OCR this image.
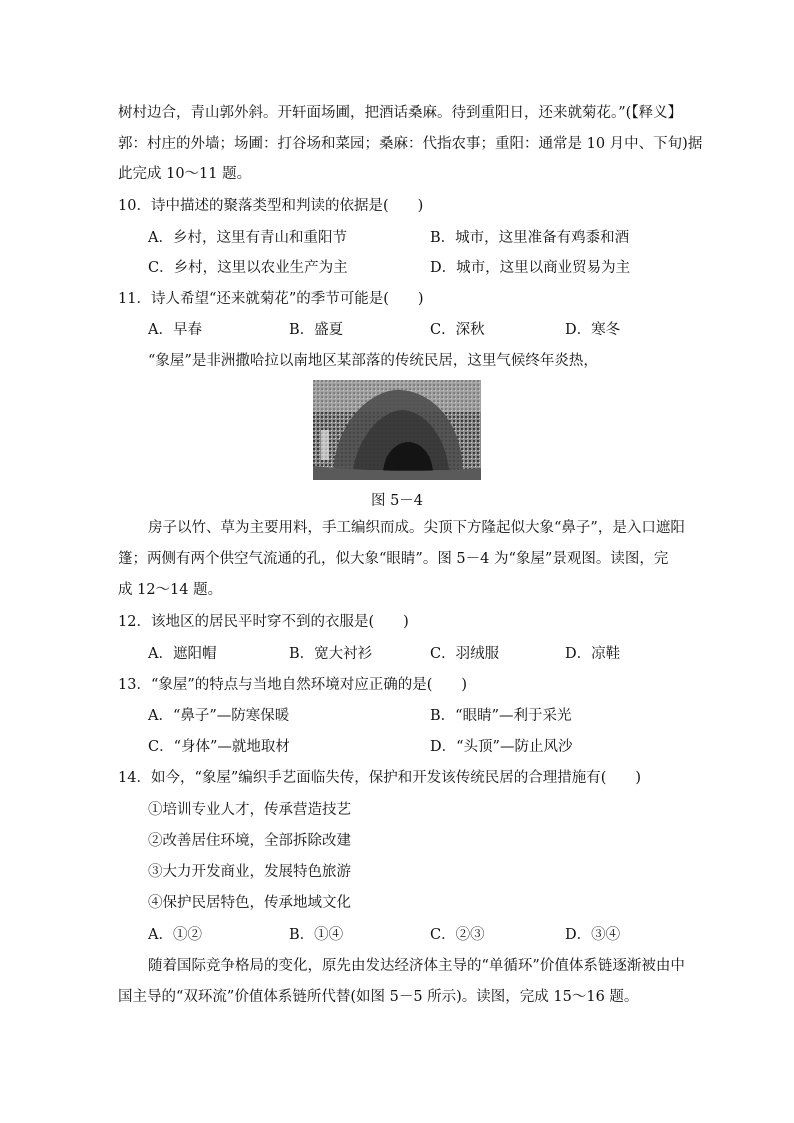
树村边合，青山郭外斜。开轩面场圃，把酒话桑麻。待到重阳日，还来就菊花。”(【释义】
郭：村庄的外墙；场圃：打谷场和菜园；桑麻：代指农事；重阳：通常是 10 月中、下旬)据
此完成 10～11 题。
10．诗中描述的聚落类型和判读的依据是(　　)
A．乡村，这里有青山和重阳节	B．城市，这里准备有鸡黍和酒
C．乡村，这里以农业生产为主	D．城市，这里以商业贸易为主
11．诗人希望“还来就菊花”的季节可能是(　　)
A．早春	B．盛夏	C．深秋	D．寒冬
“象屋”是非洲撒哈拉以南地区某部落的传统民居，这里气候终年炎热，
图 5－4
房子以竹、草为主要用料，手工编织而成。尖顶下方隆起似大象“鼻子”，是入口遮阳
篷；两侧有两个供空气流通的孔，似大象“眼睛”。图 5－4 为“象屋”景观图。读图，完
成 12～14 题。
12．该地区的居民平时穿不到的衣服是(　　)
A．遮阳帽	B．宽大衬衫	C．羽绒服	D．凉鞋
13．“象屋”的特点与当地自然环境对应正确的是(　　)
A．“鼻子”—防寒保暖	B．“眼睛”—利于采光
C．“身体”—就地取材	D．“头顶”—防止风沙
14．如今，“象屋”编织手艺面临失传，保护和开发该传统民居的合理措施有(　　)
①培训专业人才，传承营造技艺
②改善居住环境，全部拆除改建
③大力开发商业，发展特色旅游
④保护民居特色，传承地域文化
A．①②	B．①④	C．②③	D．③④
随着国际竞争格局的变化，原先由发达经济体主导的“单循环”价值体系链逐渐被由中
国主导的“双环流”价值体系链所代替(如图 5－5 所示)。读图，完成 15～16 题。
